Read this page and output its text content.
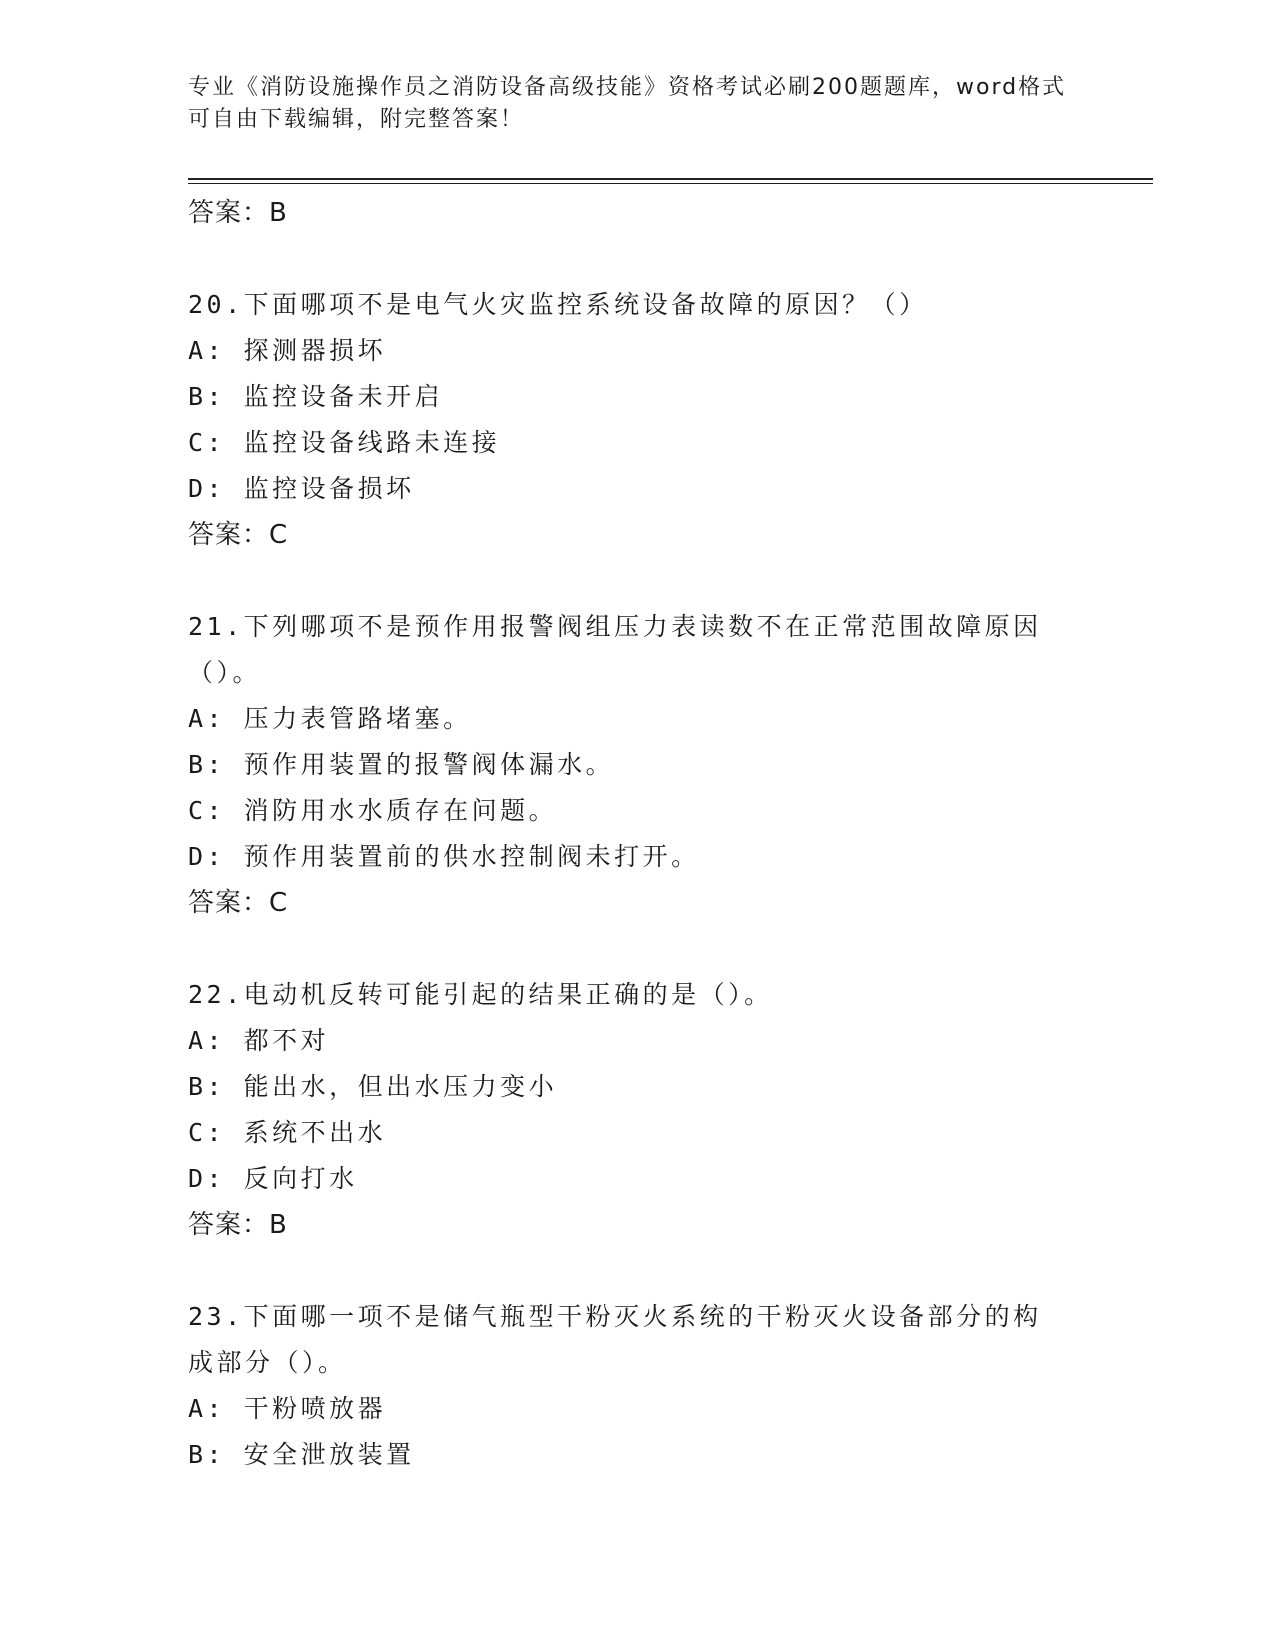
专业《消防设施操作员之消防设备高级技能》资格考试必刷200题题库，word格式可自由下载编辑，附完整答案！
答案：B
20.下面哪项不是电气火灾监控系统设备故障的原因？（）
A: 探测器损坏
B: 监控设备未开启
C: 监控设备线路未连接
D: 监控设备损坏
答案：C
21.下列哪项不是预作用报警阀组压力表读数不在正常范围故障原因（）。
A: 压力表管路堵塞。
B: 预作用装置的报警阀体漏水。
C: 消防用水水质存在问题。
D: 预作用装置前的供水控制阀未打开。
答案：C
22.电动机反转可能引起的结果正确的是（）。
A: 都不对
B: 能出水，但出水压力变小
C: 系统不出水
D: 反向打水
答案：B
23.下面哪一项不是储气瓶型干粉灭火系统的干粉灭火设备部分的构成部分（）。
A: 干粉喷放器
B: 安全泄放装置
